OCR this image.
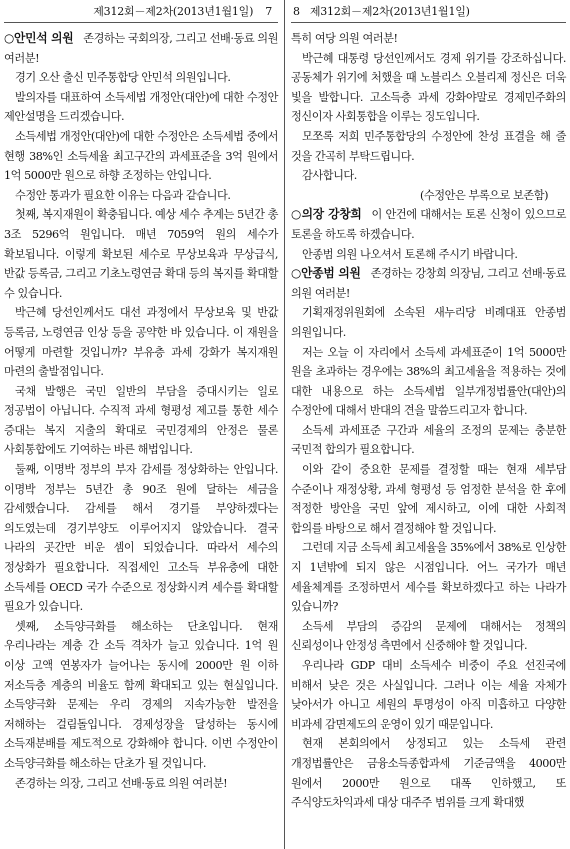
제312회－제2차(2013년1월1일) 7

○안민석 의원 존경하는 국회의장, 그리고 선배·동료 의원 여러분!

경기 오산 출신 민주통합당 안민석 의원입니다.

발의자를 대표하여 소득세법 개정안(대안)에 대한 수정안 제안설명을 드리겠습니다.

소득세법 개정안(대안)에 대한 수정안은 소득세법 중에서 현행 38%인 소득세율 최고구간의 과세표준을 3억 원에서 1억 5000만 원으로 하향 조정하는 안입니다.

수정안 통과가 필요한 이유는 다음과 같습니다.

첫째, 복지재원이 확충됩니다. 예상 세수 추계는 5년간 총 3조 5296억 원입니다. 매년 7059억 원의 세수가 확보됩니다. 이렇게 확보된 세수로 무상보육과 무상급식, 반값 등록금, 그리고 기초노령연금 확대 등의 복지를 확대할 수 있습니다.

박근혜 당선인께서도 대선 과정에서 무상보육 및 반값 등록금, 노령연금 인상 등을 공약한 바 있습니다. 이 재원을 어떻게 마련할 것입니까? 부유층 과세 강화가 복지재원 마련의 출발점입니다.

국채 발행은 국민 일반의 부담을 증대시키는 일로 정공법이 아닙니다. 수직적 과세 형평성 제고를 통한 세수 증대는 복지 지출의 확대로 국민경제의 안정은 물론 사회통합에도 기여하는 바른 해법입니다.

둘째, 이명박 정부의 부자 감세를 정상화하는 안입니다. 이명박 정부는 5년간 총 90조 원에 달하는 세금을 감세했습니다. 감세를 해서 경기를 부양하겠다는 의도였는데 경기부양도 이루어지지 않았습니다. 결국 나라의 곳간만 비운 셈이 되었습니다. 따라서 세수의 정상화가 필요합니다. 직접세인 고소득 부유층에 대한 소득세를 OECD 국가 수준으로 정상화시켜 세수를 확대할 필요가 있습니다.

셋째, 소득양극화를 해소하는 단초입니다. 현재 우리나라는 계층 간 소득 격차가 늘고 있습니다. 1억 원 이상 고액 연봉자가 늘어나는 동시에 2000만 원 이하 저소득층 계층의 비율도 함께 확대되고 있는 현실입니다. 소득양극화 문제는 우리 경제의 지속가능한 발전을 저해하는 걸림돌입니다. 경제성장을 달성하는 동시에 소득재분배를 제도적으로 강화해야 합니다. 이번 수정안이 소득양극화를 해소하는 단초가 될 것입니다.

존경하는 의장, 그리고 선배·동료 의원 여러분!

8 제312회－제2차(2013년1월1일)

특히 여당 의원 여러분!

박근혜 대통령 당선인께서도 경제 위기를 강조하십니다. 공동체가 위기에 처했을 때 노블리스 오블리제 정신은 더욱 빛을 발합니다. 고소득층 과세 강화야말로 경제민주화의 정신이자 사회통합을 이루는 징도입니다.

모쪼록 저희 민주통합당의 수정안에 찬성 표결을 해 줄 것을 간곡히 부탁드립니다.

감사합니다.

(수정안은 부록으로 보존함)

○의장 강창희 이 안건에 대해서는 토론 신청이 있으므로 토론을 하도록 하겠습니다.

안종범 의원 나오셔서 토론해 주시기 바랍니다.

○안종범 의원 존경하는 강창희 의장님, 그리고 선배·동료 의원 여러분!

기획재정위원회에 소속된 새누리당 비례대표 안종범 의원입니다.

저는 오늘 이 자리에서 소득세 과세표준이 1억 5000만 원을 초과하는 경우에는 38%의 최고세율을 적용하는 것에 대한 내용으로 하는 소득세법 일부개정법률안(대안)의 수정안에 대해서 반대의 견을 말씀드리고자 합니다.

소득세 과세표준 구간과 세율의 조정의 문제는 충분한 국민적 합의가 필요합니다.

이와 같이 중요한 문제를 결정할 때는 현재 세부담 수준이나 재정상황, 과세 형평성 등 엄정한 분석을 한 후에 적정한 방안을 국민 앞에 제시하고, 이에 대한 사회적 합의를 바탕으로 해서 결정해야 할 것입니다.

그런데 지금 소득세 최고세율을 35%에서 38%로 인상한 지 1년밖에 되지 않은 시점입니다. 어느 국가가 매년 세율체계를 조정하면서 세수를 확보하겠다고 하는 나라가 있습니까?

소득세 부담의 증감의 문제에 대해서는 정책의 신뢰성이나 안정성 측면에서 신중해야 할 것입니다.

우리나라 GDP 대비 소득세수 비중이 주요 선진국에 비해서 낮은 것은 사실입니다. 그러나 이는 세율 자체가 낮아서가 아니고 세원의 투명성이 아직 미흡하고 다양한 비과세 감면제도의 운영이 있기 때문입니다.

현재 본회의에서 상정되고 있는 소득세 관련 개정법률안은 금융소득종합과세 기준금액을 4000만 원에서 2000만 원으로 대폭 인하했고, 또 주식양도차익과세 대상 대주주 범위를 크게 확대했
